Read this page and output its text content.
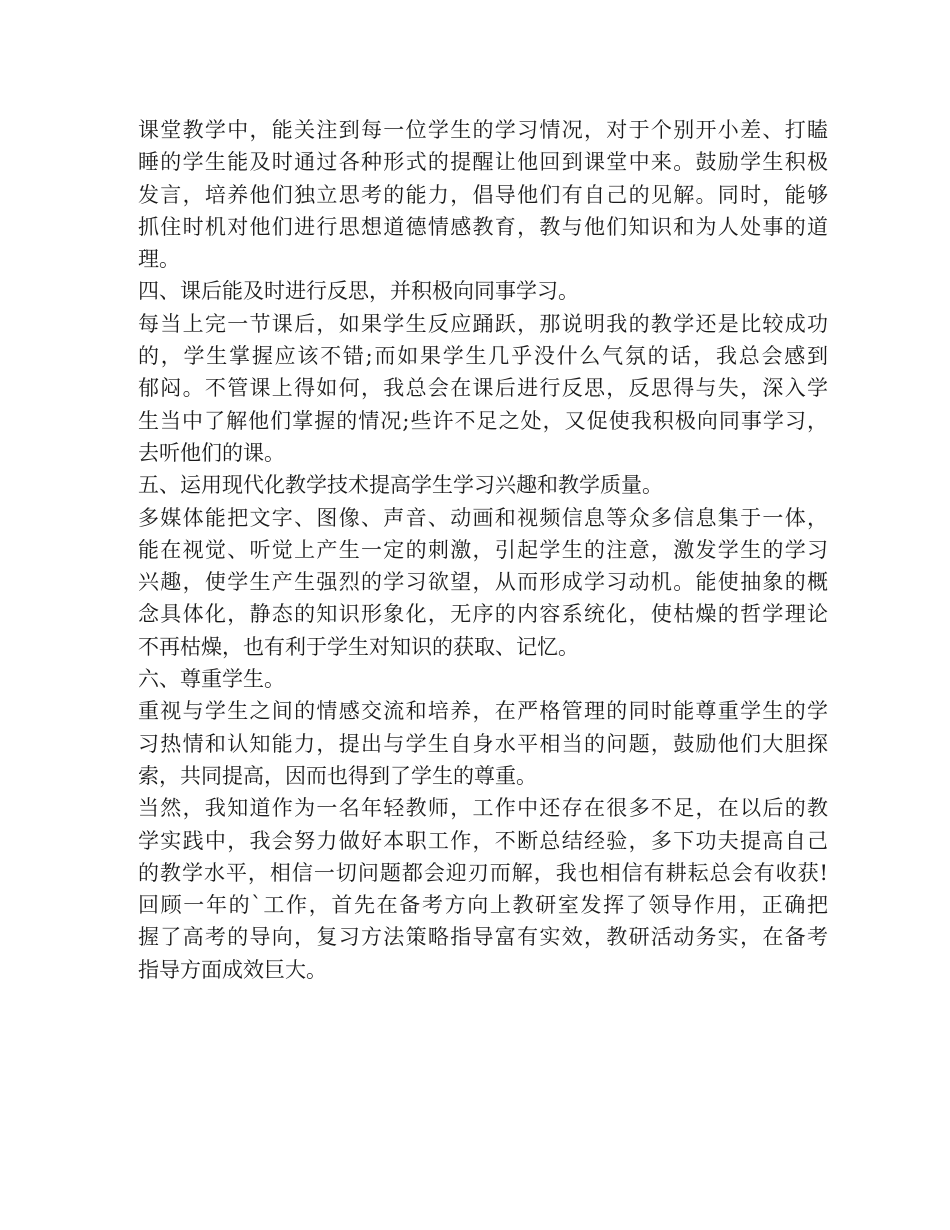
课堂教学中，能关注到每一位学生的学习情况，对于个别开小差、打瞌
睡的学生能及时通过各种形式的提醒让他回到课堂中来。鼓励学生积极
发言，培养他们独立思考的能力，倡导他们有自己的见解。同时，能够
抓住时机对他们进行思想道德情感教育，教与他们知识和为人处事的道
理。
四、课后能及时进行反思，并积极向同事学习。
每当上完一节课后，如果学生反应踊跃，那说明我的教学还是比较成功
的，学生掌握应该不错;而如果学生几乎没什么气氛的话，我总会感到
郁闷。不管课上得如何，我总会在课后进行反思，反思得与失，深入学
生当中了解他们掌握的情况;些许不足之处，又促使我积极向同事学习，
去听他们的课。
五、运用现代化教学技术提高学生学习兴趣和教学质量。
多媒体能把文字、图像、声音、动画和视频信息等众多信息集于一体，
能在视觉、听觉上产生一定的刺激，引起学生的注意，激发学生的学习
兴趣，使学生产生强烈的学习欲望，从而形成学习动机。能使抽象的概
念具体化，静态的知识形象化，无序的内容系统化，使枯燥的哲学理论
不再枯燥，也有利于学生对知识的获取、记忆。
六、尊重学生。
重视与学生之间的情感交流和培养，在严格管理的同时能尊重学生的学
习热情和认知能力，提出与学生自身水平相当的问题，鼓励他们大胆探
索，共同提高，因而也得到了学生的尊重。
当然，我知道作为一名年轻教师，工作中还存在很多不足，在以后的教
学实践中，我会努力做好本职工作，不断总结经验，多下功夫提高自己
的教学水平，相信一切问题都会迎刃而解，我也相信有耕耘总会有收获!
回顾一年的`工作，首先在备考方向上教研室发挥了领导作用，正确把
握了高考的导向，复习方法策略指导富有实效，教研活动务实，在备考
指导方面成效巨大。
